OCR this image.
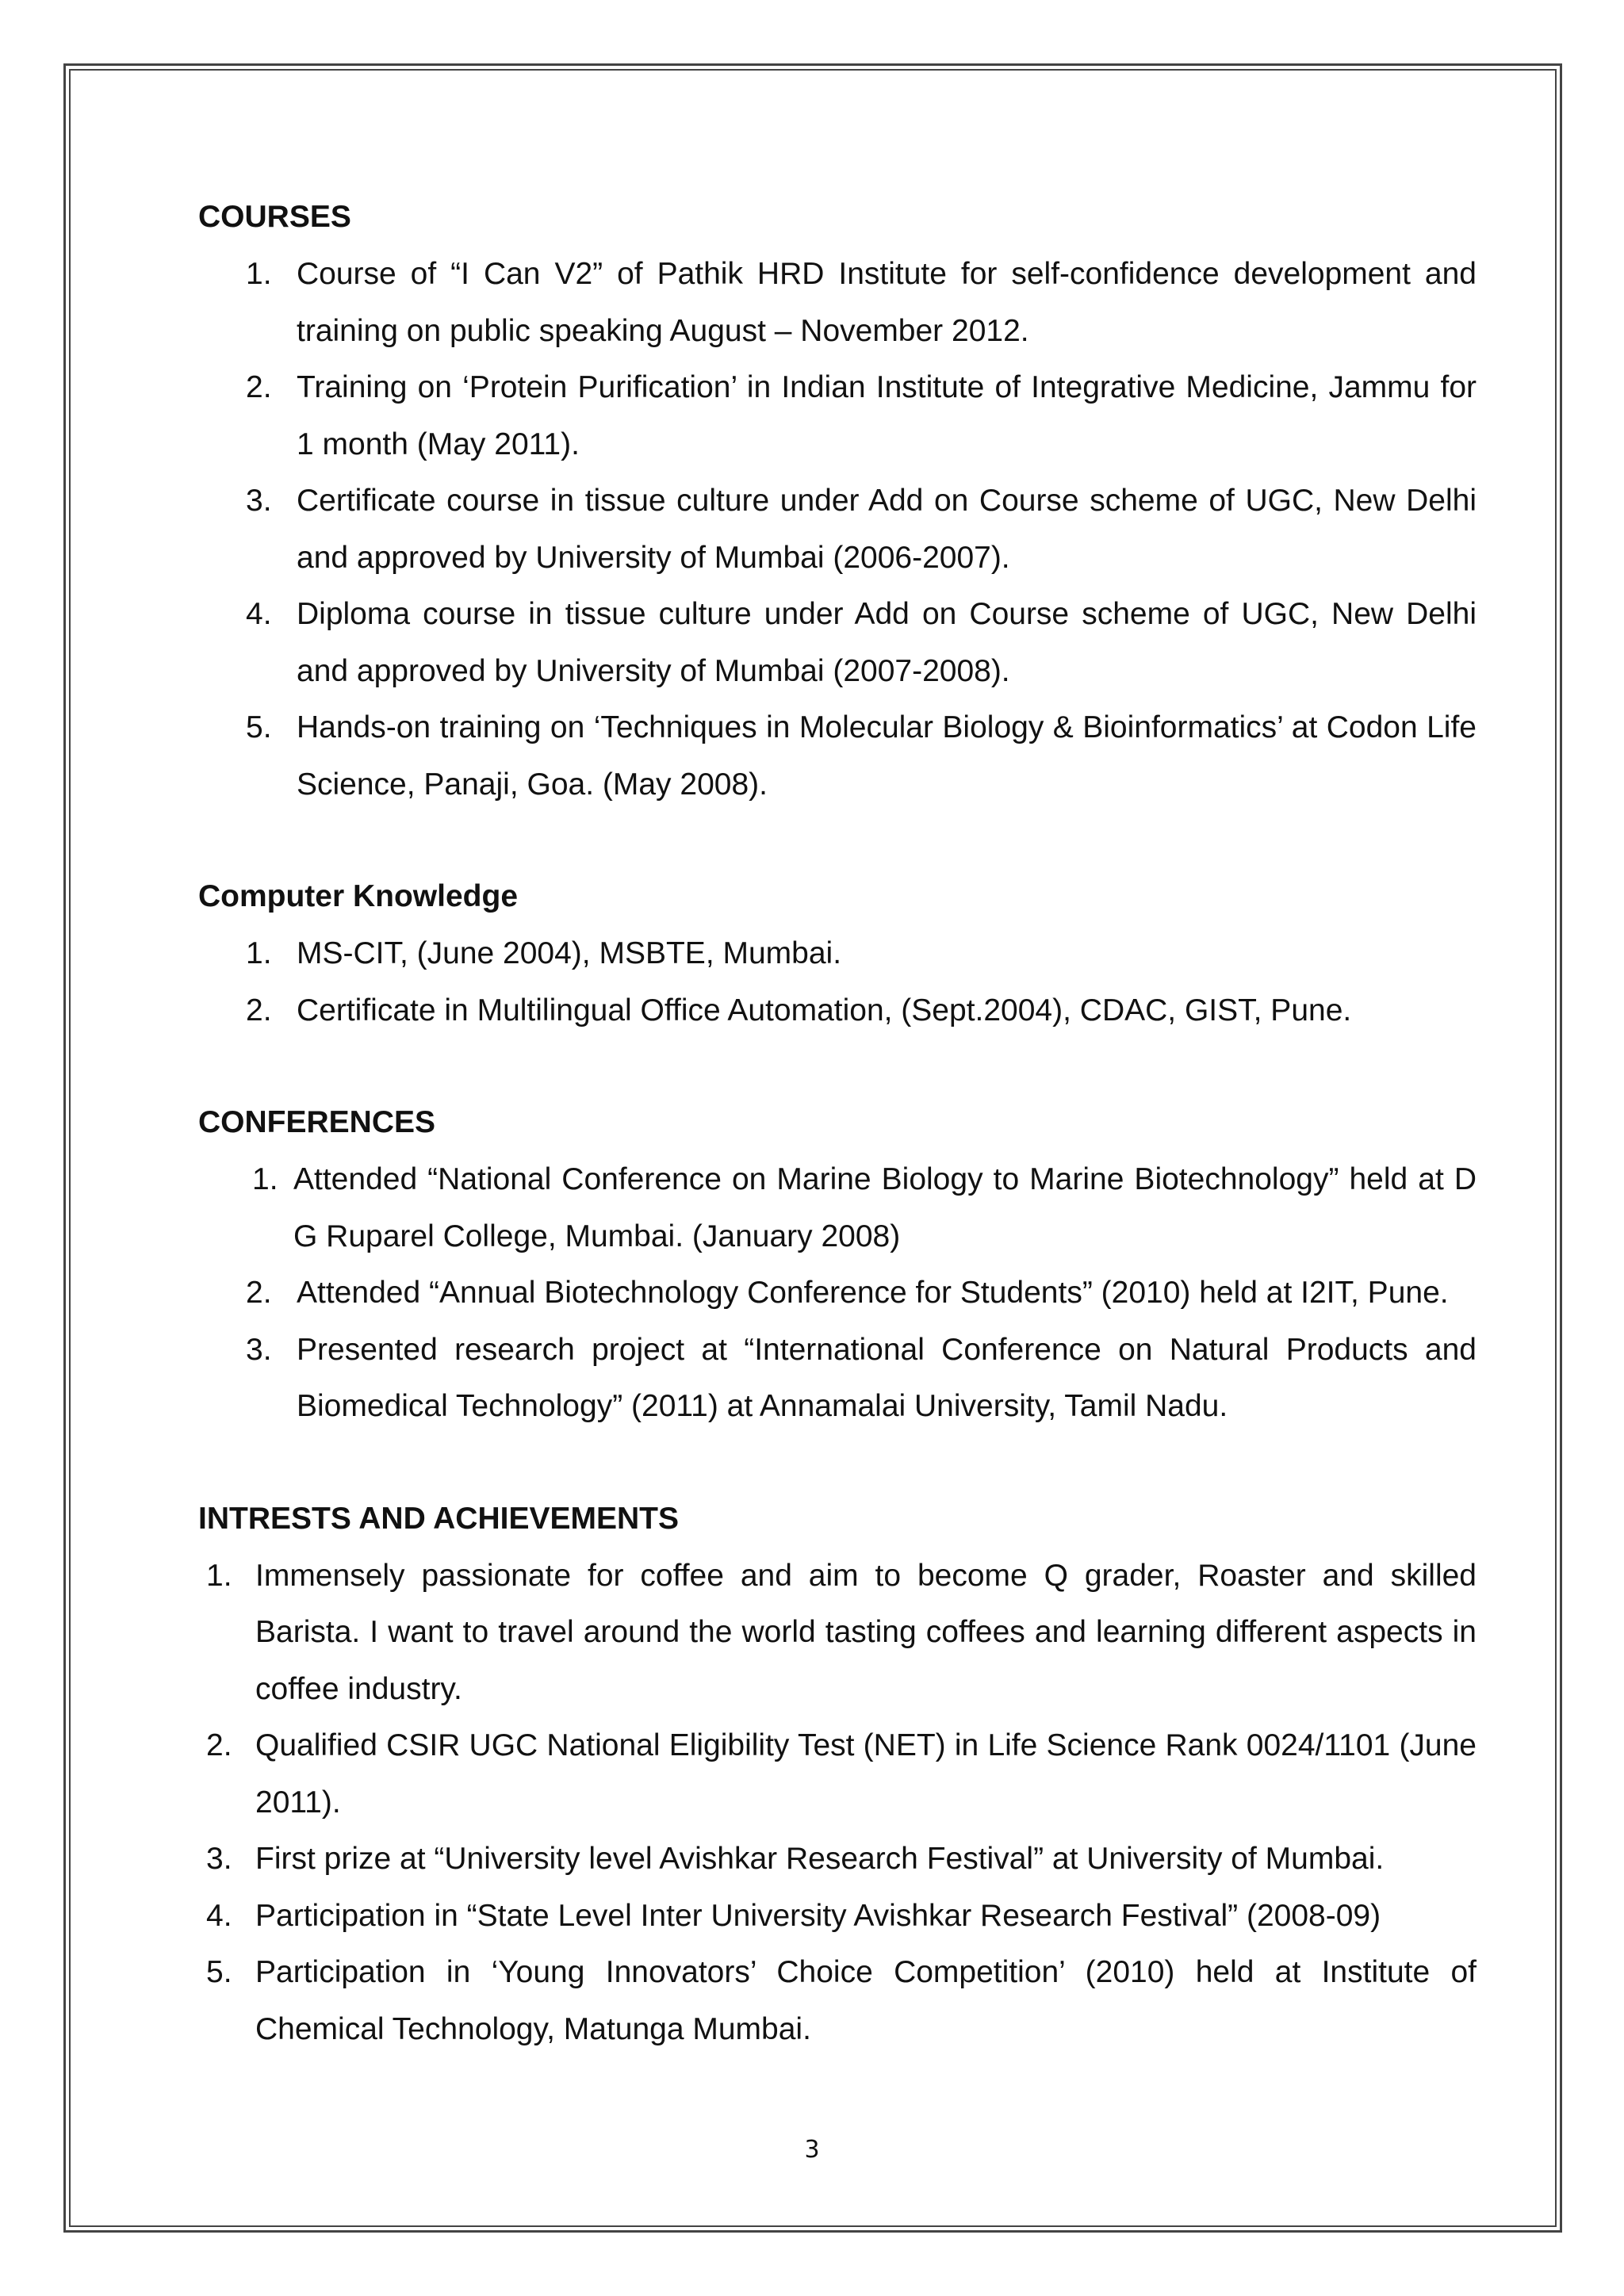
COURSES
1. Course of “I Can V2” of Pathik HRD Institute for self-confidence development and training on public speaking August – November 2012.
2. Training on ‘Protein Purification’ in Indian Institute of Integrative Medicine, Jammu for 1 month (May 2011).
3. Certificate course in tissue culture under Add on Course scheme of UGC, New Delhi and approved by University of Mumbai (2006-2007).
4. Diploma course in tissue culture under Add on Course scheme of UGC, New Delhi and approved by University of Mumbai (2007-2008).
5. Hands-on training on ‘Techniques in Molecular Biology & Bioinformatics’ at Codon Life Science, Panaji, Goa. (May 2008).
Computer Knowledge
1. MS-CIT, (June 2004), MSBTE, Mumbai.
2. Certificate in Multilingual Office Automation, (Sept.2004), CDAC, GIST, Pune.
CONFERENCES
1. Attended “National Conference on Marine Biology to Marine Biotechnology” held at D G Ruparel College, Mumbai. (January 2008)
2. Attended “Annual Biotechnology Conference for Students” (2010) held at I2IT, Pune.
3. Presented research project at “International Conference on Natural Products and Biomedical Technology” (2011) at Annamalai University, Tamil Nadu.
INTRESTS AND ACHIEVEMENTS
1. Immensely passionate for coffee and aim to become Q grader, Roaster and skilled Barista. I want to travel around the world tasting coffees and learning different aspects in coffee industry.
2. Qualified CSIR UGC National Eligibility Test (NET) in Life Science Rank 0024/1101 (June 2011).
3. First prize at “University level Avishkar Research Festival” at University of Mumbai.
4. Participation in “State Level Inter University Avishkar Research Festival” (2008-09)
5. Participation in ‘Young Innovators’ Choice Competition’ (2010) held at Institute of Chemical Technology, Matunga Mumbai.
3
